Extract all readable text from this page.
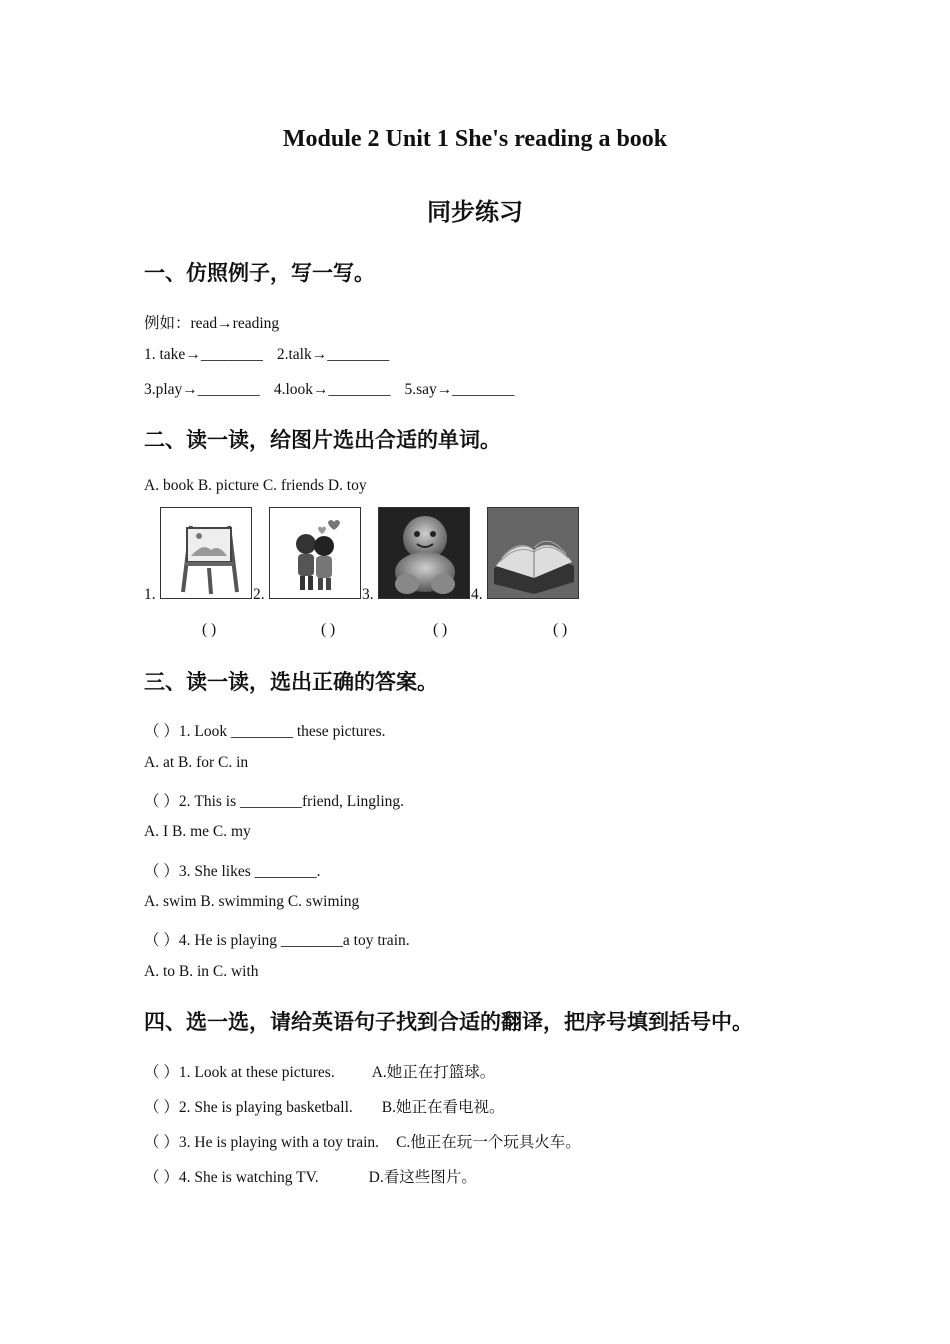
Module 2 Unit 1 She's reading a book
同步练习
一、仿照例子，写一写。
例如：read→reading
1. take→________ 2.talk→________
3.play→________ 4.look→________ 5.say→________
二、读一读，给图片选出合适的单词。
A. book B. picture C. friends D. toy
1.	2.	3.	4.
( )	( )	( )	( )
三、读一读，选出正确的答案。
（ ）1. Look ________ these pictures.
A. at B. for C. in
（ ）2. This is ________friend, Lingling.
A. I B. me C. my
（ ）3. She likes ________.
A. swim B. swimming C. swiming
（ ）4. He is playing ________a toy train.
A. to B. in C. with
四、选一选，请给英语句子找到合适的翻译，把序号填到括号中。
（ ）1. Look at these pictures. A.她正在打篮球。
（ ）2. She is playing basketball. B.她正在看电视。
（ ）3. He is playing with a toy train. C.他正在玩一个玩具火车。
（ ）4. She is watching TV.	D.看这些图片。
